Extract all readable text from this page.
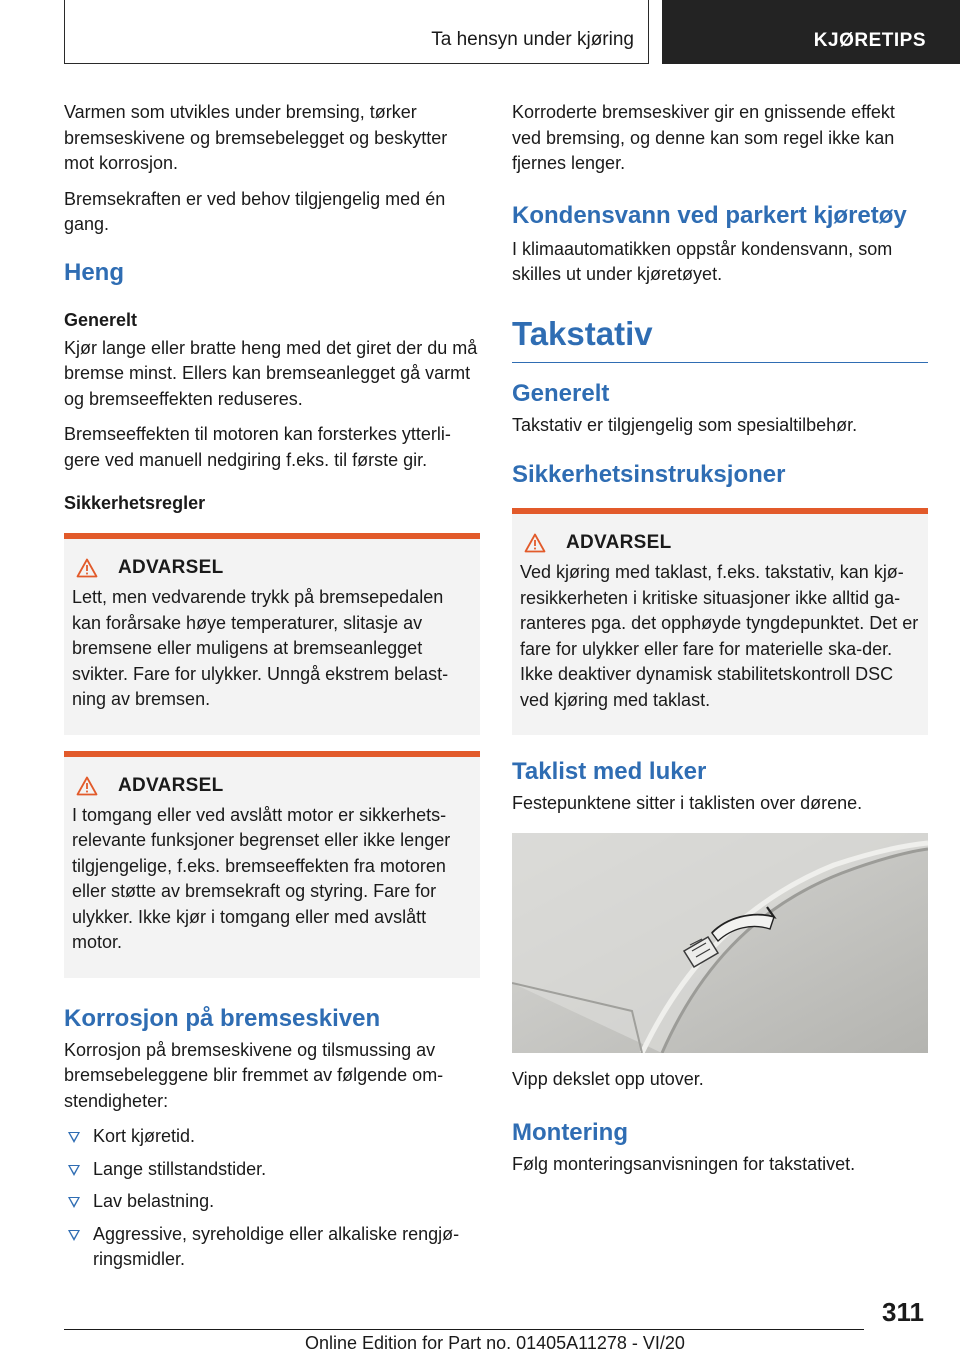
Ta hensyn under kjøring	KJØRETIPS

Varmen som utvikles under bremsing, tørker bremseskivene og bremsebelegget og beskytter mot korrosjon.

Bremsekraften er ved behov tilgjengelig med én gang.

Heng
Generelt

Kjør lange eller bratte heng med det giret der du må bremse minst. Ellers kan bremseanlegget gå varmt og bremseeffekten reduseres.

Bremseeffekten til motoren kan forsterkes ytterli‐gere ved manuell nedgiring f.eks. til første gir.

Sikkerhetsregler
ADVARSEL

Lett, men vedvarende trykk på bremsepedalen kan forårsake høye temperaturer, slitasje av bremsene eller muligens at bremseanlegget svikter. Fare for ulykker. Unngå ekstrem belast‐ning av bremsen.

ADVARSEL

I tomgang eller ved avslått motor er sikkerhets‐relevante funksjoner begrenset eller ikke lenger tilgjengelige, f.eks. bremseeffekten fra motoren eller støtte av bremsekraft og styring. Fare for ulykker. Ikke kjør i tomgang eller med avslått motor.

Korrosjon på bremseskiven

Korrosjon på bremseskivene og tilsmussing av bremsebeleggene blir fremmet av følgende om‐stendigheter:

Kort kjøretid.
Lange stillstandstider.
Lav belastning.
Aggressive, syreholdige eller alkaliske rengjø‐ringsmidler.

Korroderte bremseskiver gir en gnissende effekt ved bremsing, og denne kan som regel ikke kan fjernes lenger.

Kondensvann ved parkert kjøretøy

I klimaautomatikken oppstår kondensvann, som skilles ut under kjøretøyet.

Takstativ
Generelt

Takstativ er tilgjengelig som spesialtilbehør.

Sikkerhetsinstruksjoner
ADVARSEL

Ved kjøring med taklast, f.eks. takstativ, kan kjø‐resikkerheten i kritiske situasjoner ikke alltid ga‐ranteres pga. det opphøyde tyngdepunktet. Det er fare for ulykker eller fare for materielle ska‐der. Ikke deaktiver dynamisk stabilitetskontroll DSC ved kjøring med taklast.

Taklist med luker

Festepunktene sitter i taklisten over dørene.

Vipp dekslet opp utover.

Montering

Følg monteringsanvisningen for takstativet.

311
Online Edition for Part no. 01405A11278 - VI/20
